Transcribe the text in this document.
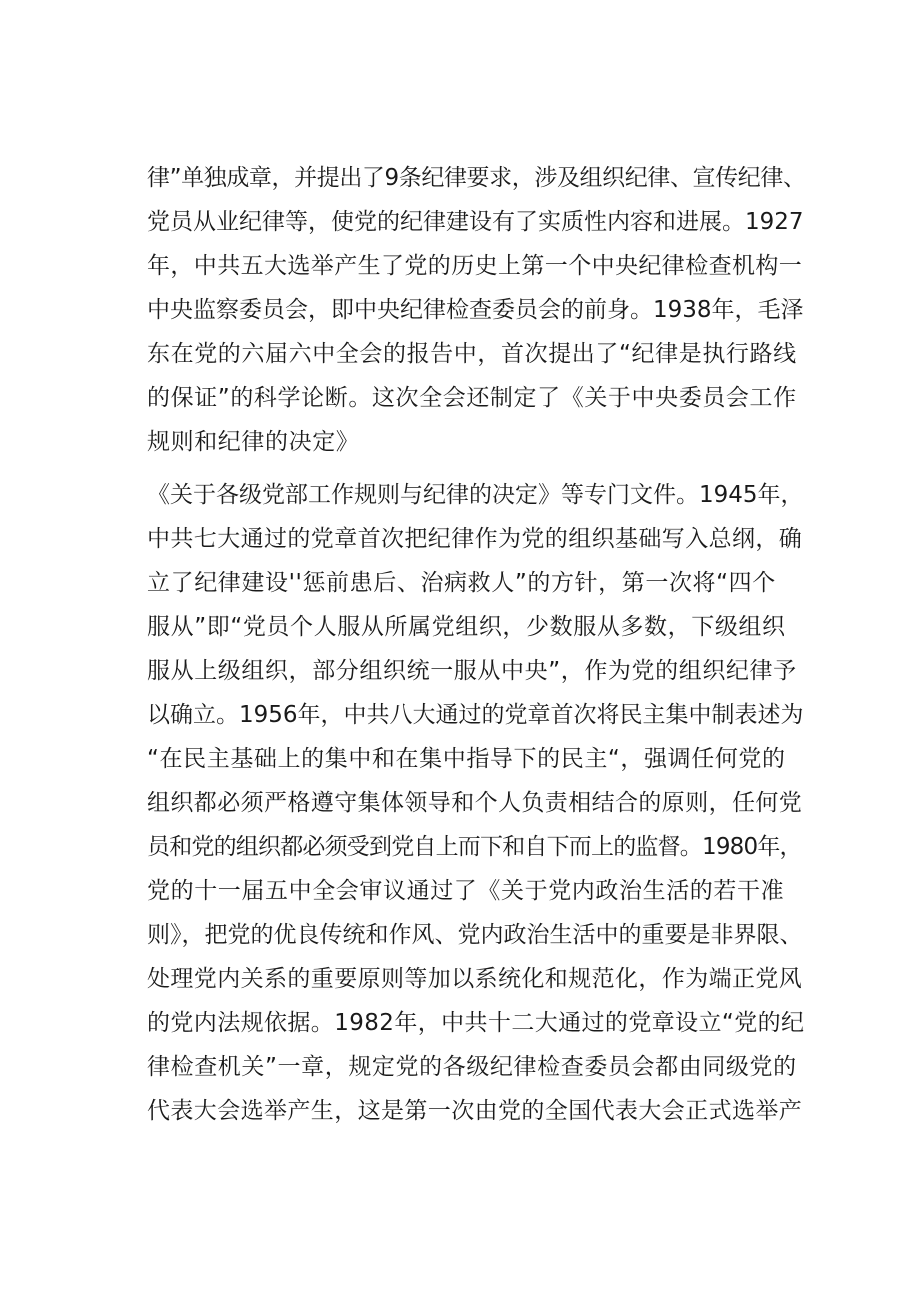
律”单独成章，并提出了9条纪律要求，涉及组织纪律、宣传纪律、
党员从业纪律等，使党的纪律建设有了实质性内容和进展。1927
年，中共五大选举产生了党的历史上第一个中央纪律检查机构一
中央监察委员会，即中央纪律检查委员会的前身。1938年，毛泽
东在党的六届六中全会的报告中，首次提出了“纪律是执行路线
的保证”的科学论断。这次全会还制定了《关于中央委员会工作
规则和纪律的决定》
《关于各级党部工作规则与纪律的决定》等专门文件。1945年，
中共七大通过的党章首次把纪律作为党的组织基础写入总纲，确
立了纪律建设''惩前患后、治病救人”的方针，第一次将“四个
服从”即“党员个人服从所属党组织，少数服从多数，下级组织
服从上级组织，部分组织统一服从中央”，作为党的组织纪律予
以确立。1956年，中共八大通过的党章首次将民主集中制表述为
“在民主基础上的集中和在集中指导下的民主“，强调任何党的
组织都必须严格遵守集体领导和个人负责相结合的原则，任何党
员和党的组织都必须受到党自上而下和自下而上的监督。1980年，
党的十一届五中全会审议通过了《关于党内政治生活的若干准
则》，把党的优良传统和作风、党内政治生活中的重要是非界限、
处理党内关系的重要原则等加以系统化和规范化，作为端正党风
的党内法规依据。1982年，中共十二大通过的党章设立“党的纪
律检查机关”一章，规定党的各级纪律检查委员会都由同级党的
代表大会选举产生，这是第一次由党的全国代表大会正式选举产
